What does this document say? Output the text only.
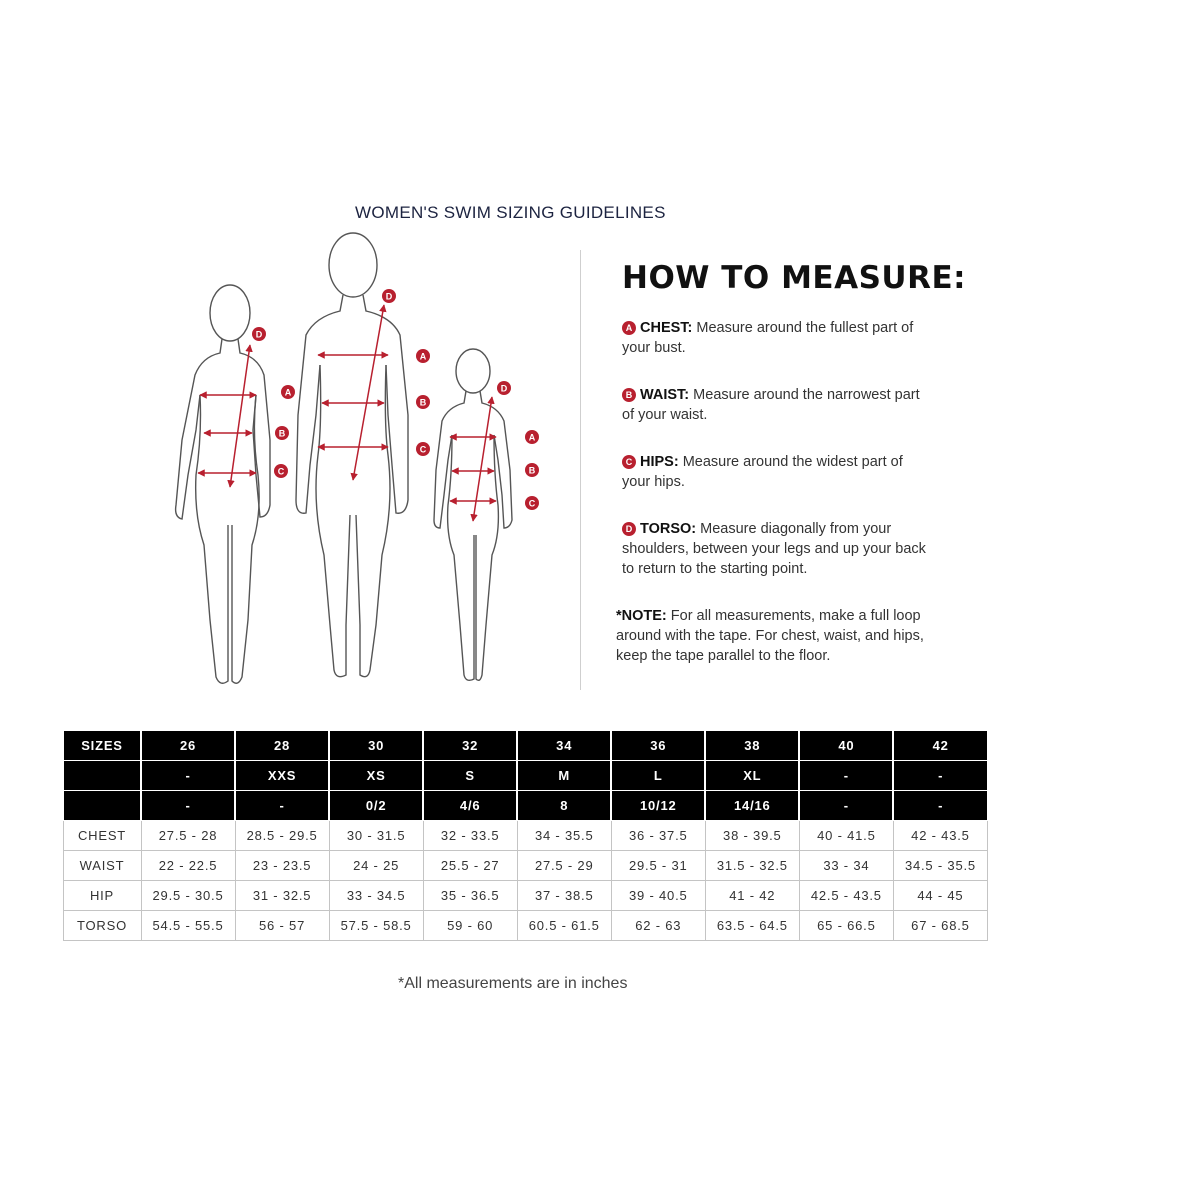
WOMEN'S SWIM SIZING GUIDELINES
A
B
C
D
D
A
B
C
D
A
B
C
HOW TO MEASURE:
A CHEST: Measure around the fullest part of your bust.
B WAIST: Measure around the narrowest part of your waist.
C HIPS: Measure around the widest part of your hips.
D TORSO: Measure diagonally from your shoulders, between your legs and up your back to return to the starting point.
*NOTE: For all measurements, make a full loop around with the tape. For chest, waist, and hips, keep the tape parallel to the floor.
SIZES	26	28	30	32	34	36	38	40	42
	-	XXS	XS	S	M	L	XL	-	-
	-	-	0/2	4/6	8	10/12	14/16	-	-
CHEST	27.5 - 28	28.5 - 29.5	30 - 31.5	32 - 33.5	34 - 35.5	36 - 37.5	38 - 39.5	40 - 41.5	42 - 43.5
WAIST	22 - 22.5	23 - 23.5	24 - 25	25.5 - 27	27.5 - 29	29.5 - 31	31.5 - 32.5	33 - 34	34.5 - 35.5
HIP	29.5 - 30.5	31 - 32.5	33 - 34.5	35 - 36.5	37 - 38.5	39 - 40.5	41 - 42	42.5 - 43.5	44 - 45
TORSO	54.5 - 55.5	56 - 57	57.5 - 58.5	59 - 60	60.5 - 61.5	62 - 63	63.5 - 64.5	65 - 66.5	67 - 68.5
*All measurements are in inches
